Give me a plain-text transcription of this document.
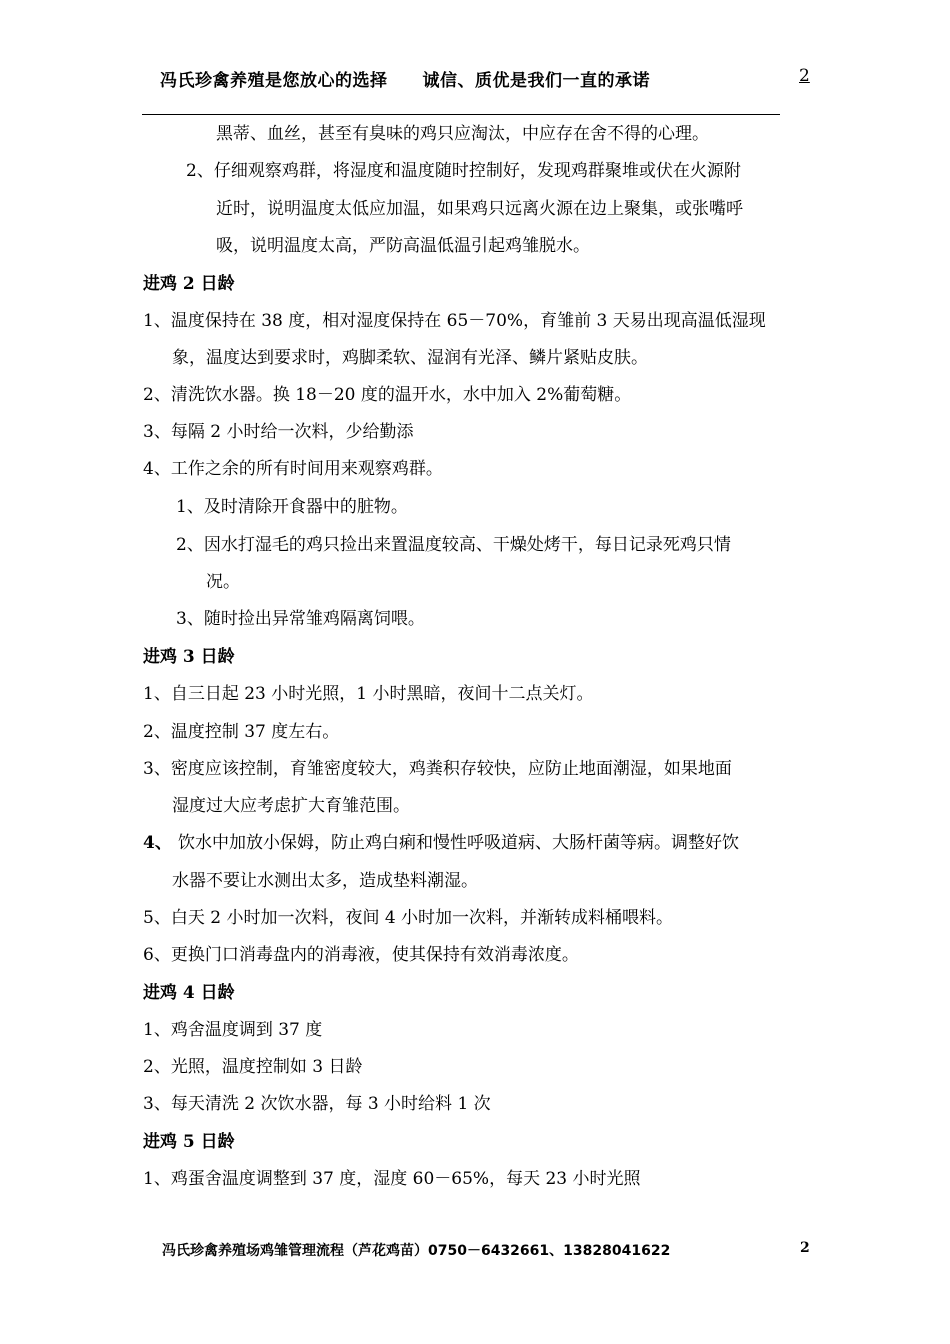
冯氏珍禽养殖是您放心的选择　　诚信、质优是我们一直的承诺	2
黑蒂、血丝，甚至有臭味的鸡只应淘汰，中应存在舍不得的心理。
2、仔细观察鸡群，将湿度和温度随时控制好，发现鸡群聚堆或伏在火源附
近时，说明温度太低应加温，如果鸡只远离火源在边上聚集，或张嘴呼
吸，说明温度太高，严防高温低温引起鸡雏脱水。
进鸡 2 日龄
1、温度保持在 38 度，相对湿度保持在 65－70%，育雏前 3 天易出现高温低湿现
象，温度达到要求时，鸡脚柔软、湿润有光泽、鳞片紧贴皮肤。
2、清洗饮水器。换 18－20 度的温开水，水中加入 2%葡萄糖。
3、每隔 2 小时给一次料，少给勤添
4、工作之余的所有时间用来观察鸡群。
1、及时清除开食器中的脏物。
2、因水打湿毛的鸡只捡出来置温度较高、干燥处烤干，每日记录死鸡只情
况。
3、随时捡出异常雏鸡隔离饲喂。
进鸡 3 日龄
1、自三日起 23 小时光照，1 小时黑暗，夜间十二点关灯。
2、温度控制 37 度左右。
3、密度应该控制，育雏密度较大，鸡粪积存较快，应防止地面潮湿，如果地面
湿度过大应考虑扩大育雏范围。
4、 饮水中加放小保姆，防止鸡白痢和慢性呼吸道病、大肠杆菌等病。调整好饮
水器不要让水测出太多，造成垫料潮湿。
5、白天 2 小时加一次料，夜间 4 小时加一次料，并渐转成料桶喂料。
6、更换门口消毒盘内的消毒液，使其保持有效消毒浓度。
进鸡 4 日龄
1、鸡舍温度调到 37 度
2、光照，温度控制如 3 日龄
3、每天清洗 2 次饮水器，每 3 小时给料 1 次
进鸡 5 日龄
1、鸡蛋舍温度调整到 37 度，湿度 60－65%，每天 23 小时光照
冯氏珍禽养殖场鸡雏管理流程（芦花鸡苗）0750－6432661、13828041622	2
